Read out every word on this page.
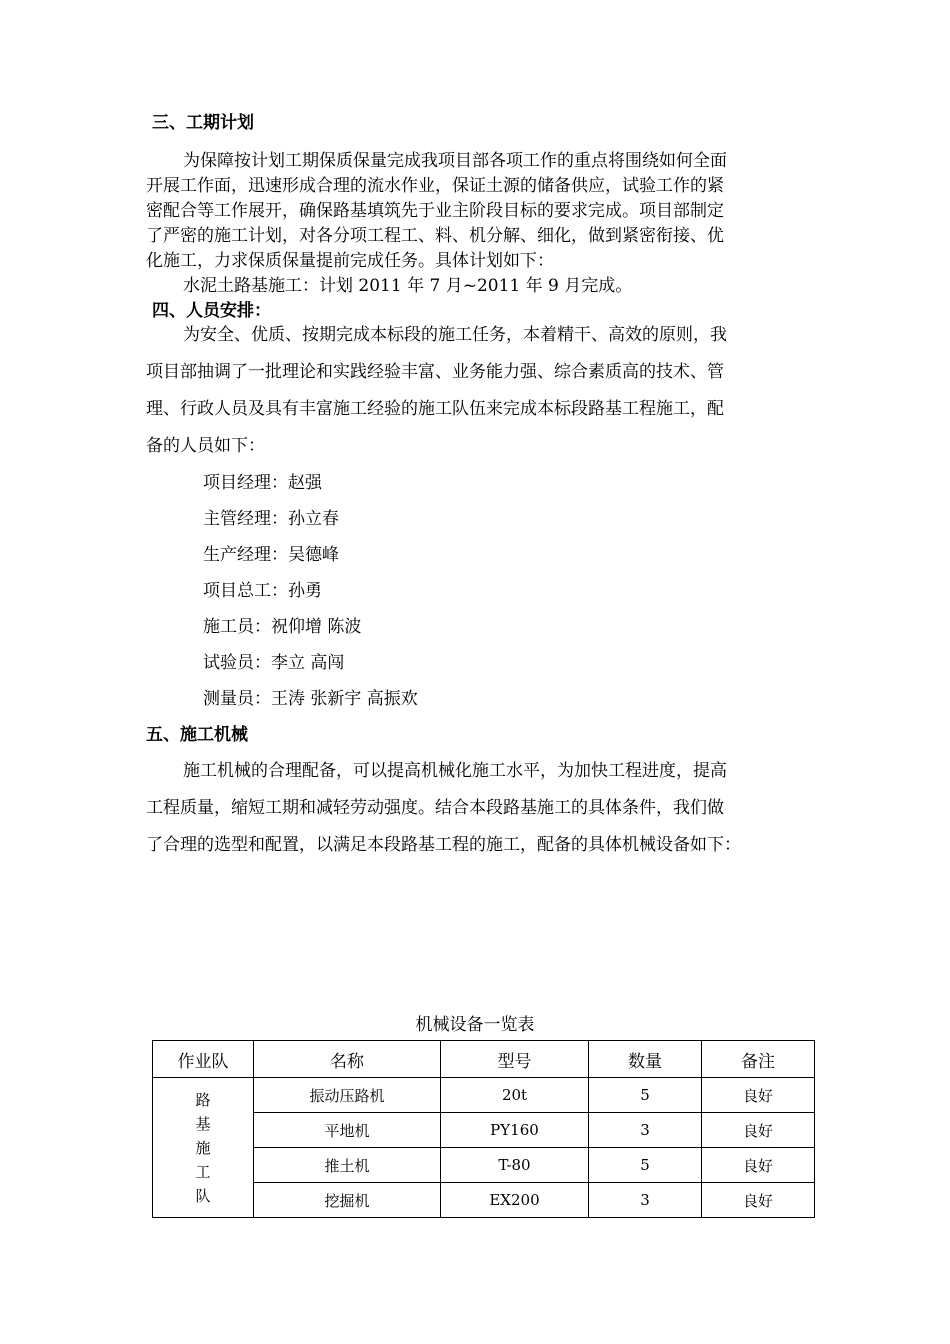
三、工期计划
为保障按计划工期保质保量完成我项目部各项工作的重点将围绕如何全面
开展工作面，迅速形成合理的流水作业，保证土源的储备供应，试验工作的紧
密配合等工作展开，确保路基填筑先于业主阶段目标的要求完成。项目部制定
了严密的施工计划，对各分项工程工、料、机分解、细化，做到紧密衔接、优
化施工，力求保质保量提前完成任务。具体计划如下：
水泥土路基施工：计划 2011 年 7 月~2011 年 9 月完成。
四、人员安排：
为安全、优质、按期完成本标段的施工任务，本着精干、高效的原则，我
项目部抽调了一批理论和实践经验丰富、业务能力强、综合素质高的技术、管
理、行政人员及具有丰富施工经验的施工队伍来完成本标段路基工程施工，配
备的人员如下：
项目经理：赵强
主管经理：孙立春
生产经理：吴德峰
项目总工：孙勇
施工员：祝仰增 陈波
试验员：李立 高闯
测量员：王涛 张新宇 高振欢
五、施工机械
施工机械的合理配备，可以提高机械化施工水平，为加快工程进度，提高
工程质量，缩短工期和减轻劳动强度。结合本段路基施工的具体条件，我们做
了合理的选型和配置，以满足本段路基工程的施工，配备的具体机械设备如下：
机械设备一览表
作业队	名称	型号	数量	备注

路
基
施
工
队	振动压路机	20t	5	良好
	平地机	PY160	3	良好
	推土机	T-80	5	良好
	挖掘机	EX200	3	良好
